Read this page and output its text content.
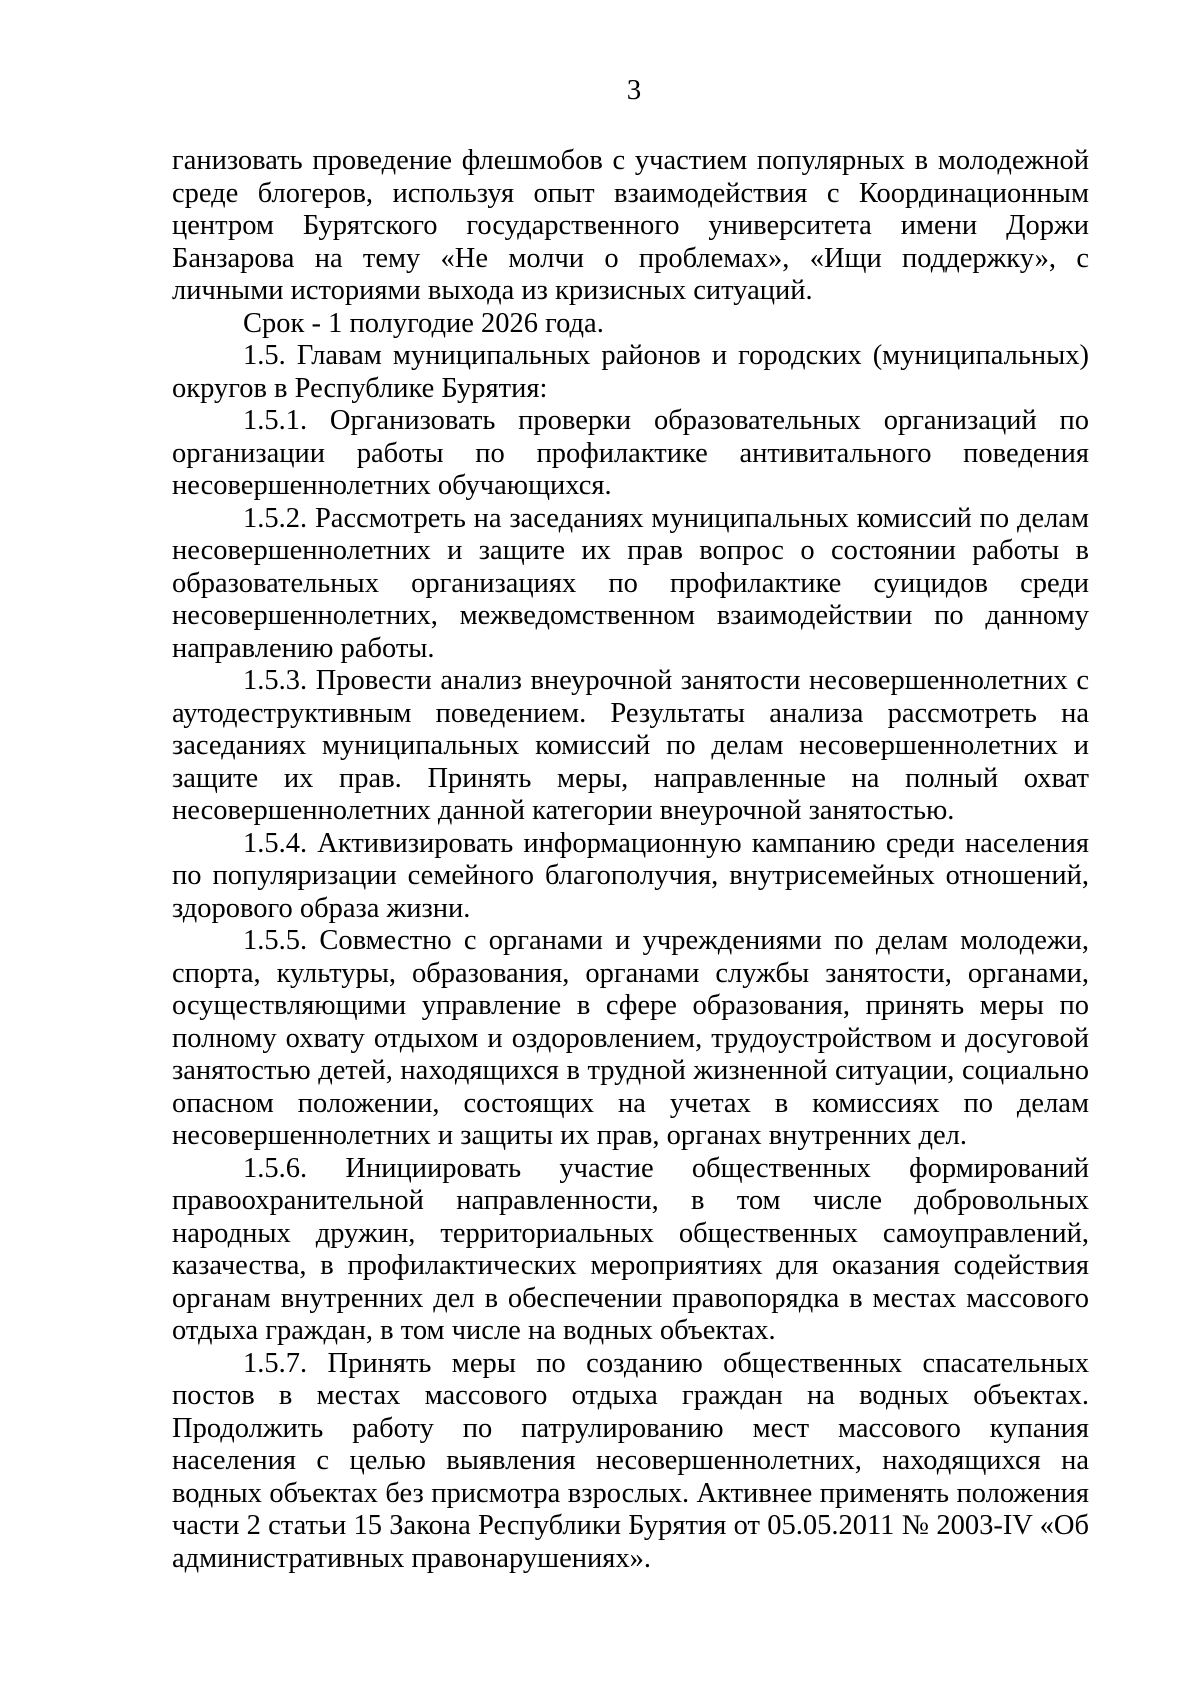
3

ганизовать проведение флешмобов с участием популярных в молодежной среде блогеров, используя опыт взаимодействия с Координационным центром Бурятского государственного университета имени Доржи Банзарова на тему «Не молчи о проблемах», «Ищи поддержку», с личными историями выхода из кризисных ситуаций.

Срок - 1 полугодие 2026 года.

1.5. Главам муниципальных районов и городских (муниципальных) округов в Республике Бурятия:

1.5.1. Организовать проверки образовательных организаций по организации работы по профилактике антивитального поведения несовершеннолетних обучающихся.

1.5.2. Рассмотреть на заседаниях муниципальных комиссий по делам несовершеннолетних и защите их прав вопрос о состоянии работы в образовательных организациях по профилактике суицидов среди несовершеннолетних, межведомственном взаимодействии по данному направлению работы.

1.5.3. Провести анализ внеурочной занятости несовершеннолетних с аутодеструктивным поведением. Результаты анализа рассмотреть на заседаниях муниципальных комиссий по делам несовершеннолетних и защите их прав. Принять меры, направленные на полный охват несовершеннолетних данной категории внеурочной занятостью.

1.5.4. Активизировать информационную кампанию среди населения по популяризации семейного благополучия, внутрисемейных отношений, здорового образа жизни.

1.5.5. Совместно с органами и учреждениями по делам молодежи, спорта, культуры, образования, органами службы занятости, органами, осуществляющими управление в сфере образования, принять меры по полному охвату отдыхом и оздоровлением, трудоустройством и досуговой занятостью детей, находящихся в трудной жизненной ситуации, социально опасном положении, состоящих на учетах в комиссиях по делам несовершеннолетних и защиты их прав, органах внутренних дел.

1.5.6. Инициировать участие общественных формирований правоохранительной направленности, в том числе добровольных народных дружин, территориальных общественных самоуправлений, казачества, в профилактических мероприятиях для оказания содействия органам внутренних дел в обеспечении правопорядка в местах массового отдыха граждан, в том числе на водных объектах.

1.5.7. Принять меры по созданию общественных спасательных постов в местах массового отдыха граждан на водных объектах. Продолжить работу по патрулированию мест массового купания населения с целью выявления несовершеннолетних, находящихся на водных объектах без присмотра взрослых. Активнее применять положения части 2 статьи 15 Закона Республики Бурятия от 05.05.2011 № 2003-IV «Об административных правонарушениях».
